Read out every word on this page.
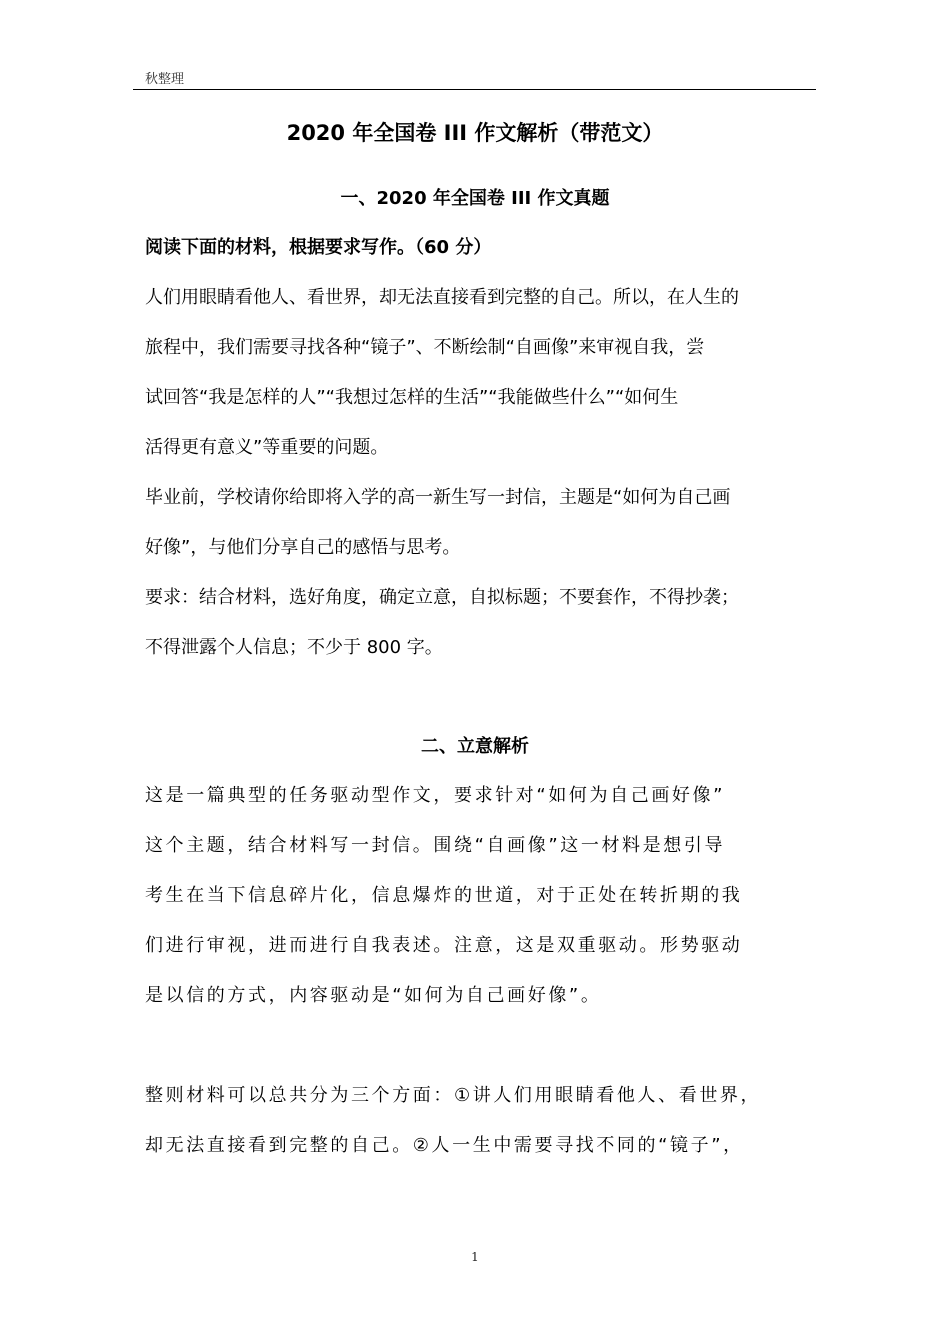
秋整理
2020 年全国卷 III 作文解析（带范文）
一、2020 年全国卷 III 作文真题
阅读下面的材料，根据要求写作。（60 分）
人们用眼睛看他人、看世界，却无法直接看到完整的自己。所以，在人生的
旅程中，我们需要寻找各种“镜子”、不断绘制“自画像”来审视自我，尝
试回答“我是怎样的人”“我想过怎样的生活”“我能做些什么”“如何生
活得更有意义”等重要的问题。
毕业前，学校请你给即将入学的高一新生写一封信，主题是“如何为自己画
好像”，与他们分享自己的感悟与思考。
要求：结合材料，选好角度，确定立意，自拟标题；不要套作，不得抄袭；
不得泄露个人信息；不少于 800 字。
二、立意解析
这是一篇典型的任务驱动型作文，要求针对“如何为自己画好像”
这个主题，结合材料写一封信。围绕“自画像”这一材料是想引导
考生在当下信息碎片化，信息爆炸的世道，对于正处在转折期的我
们进行审视，进而进行自我表述。注意，这是双重驱动。形势驱动
是以信的方式，内容驱动是“如何为自己画好像”。
整则材料可以总共分为三个方面：①讲人们用眼睛看他人、看世界，
却无法直接看到完整的自己。②人一生中需要寻找不同的“镜子”，
1
